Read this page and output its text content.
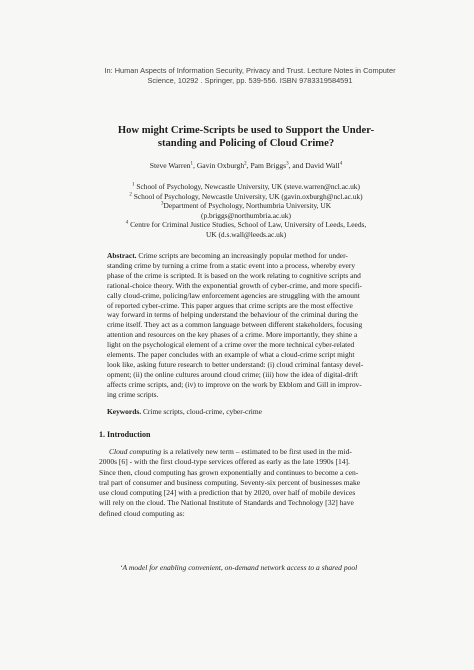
In: Human Aspects of Information Security, Privacy and Trust. Lecture Notes in Computer
Science, 10292 . Springer, pp. 539-556. ISBN 9783319584591
How might Crime-Scripts be used to Support the Under-
standing and Policing of Cloud Crime?
Steve Warren$^1$, Gavin Oxburgh$^2$, Pam Briggs$^3$, and David Wall$^4$
$^1$ School of Psychology, Newcastle University, UK (steve.warren@ncl.ac.uk)
$^2$ School of Psychology, Newcastle University, UK (gavin.oxburgh@ncl.ac.uk)
$^3$Department of Psychology, Northumbria University, UK
(p.briggs@northumbria.ac.uk)
$^4$ Centre for Criminal Justice Studies, School of Law, University of Leeds, Leeds,
UK (d.s.wall@leeds.ac.uk)
Abstract. Crime scripts are becoming an increasingly popular method for under-
standing crime by turning a crime from a static event into a process, whereby every
phase of the crime is scripted. It is based on the work relating to cognitive scripts and
rational-choice theory. With the exponential growth of cyber-crime, and more specifi-
cally cloud-crime, policing/law enforcement agencies are struggling with the amount
of reported cyber-crime. This paper argues that crime scripts are the most effective
way forward in terms of helping understand the behaviour of the criminal during the
crime itself. They act as a common language between different stakeholders, focusing
attention and resources on the key phases of a crime. More importantly, they shine a
light on the psychological element of a crime over the more technical cyber-related
elements. The paper concludes with an example of what a cloud-crime script might
look like, asking future research to better understand: (i) cloud criminal fantasy devel-
opment; (ii) the online cultures around cloud crime; (iii) how the idea of digital-drift
affects crime scripts, and; (iv) to improve on the work by Ekblom and Gill in improv-
ing crime scripts.
Keywords. Crime scripts, cloud-crime, cyber-crime
1. Introduction
Cloud computing is a relatively new term – estimated to be first used in the mid-
2000s [6] - with the first cloud-type services offered as early as the late 1990s [14].
Since then, cloud computing has grown exponentially and continues to become a cen-
tral part of consumer and business computing. Seventy-six percent of businesses make
use cloud computing [24] with a prediction that by 2020, over half of mobile devices
will rely on the cloud. The National Institute of Standards and Technology [32] have
defined cloud computing as:
‘A model for enabling convenient, on-demand network access to a shared pool
